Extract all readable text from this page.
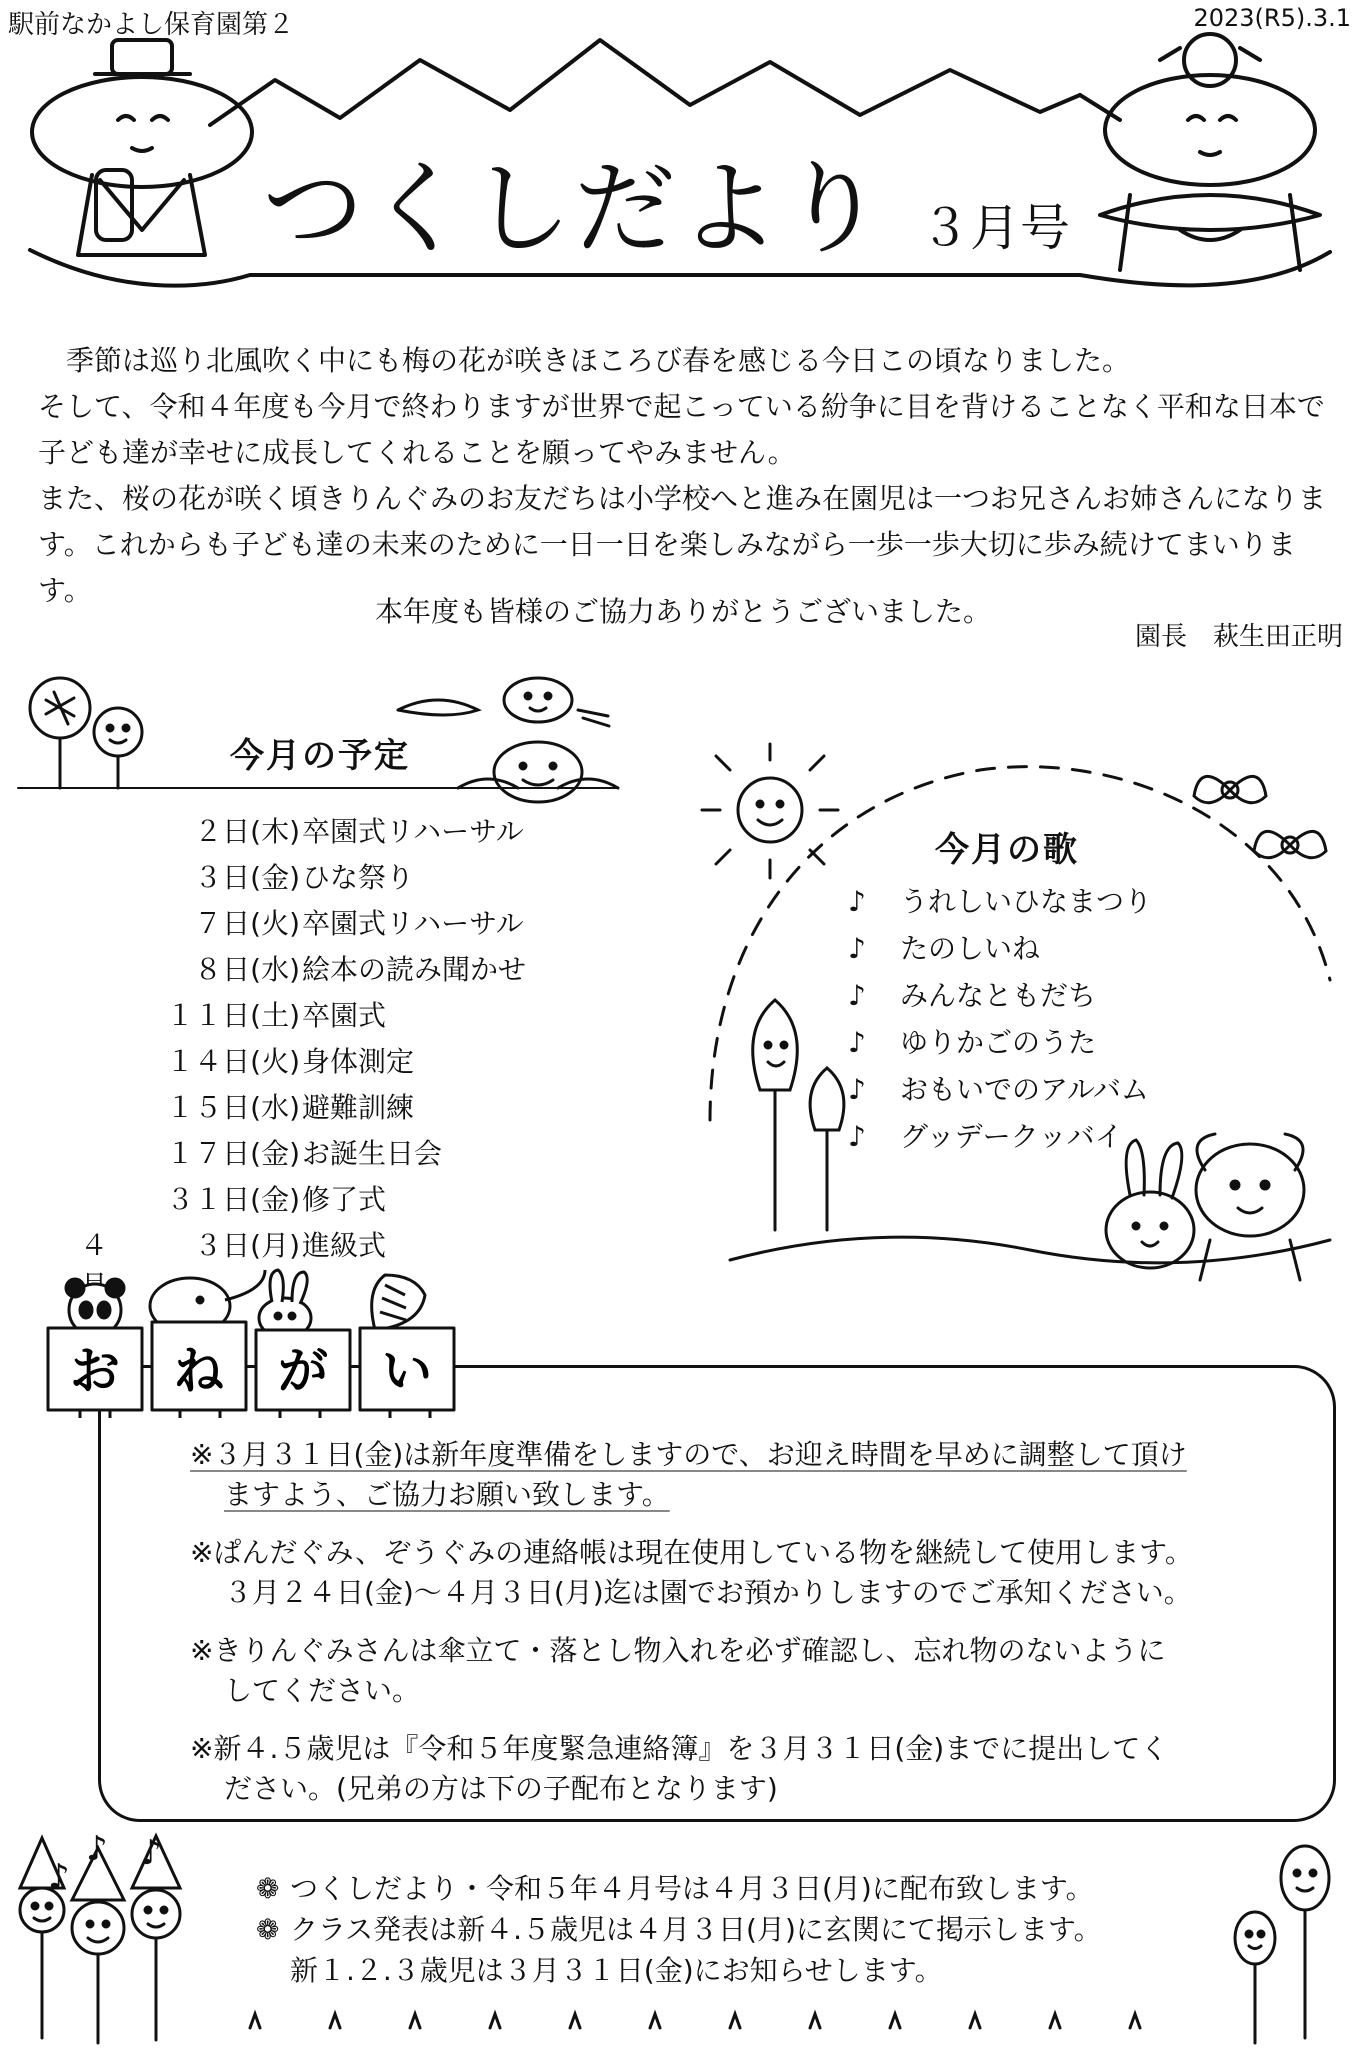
駅前なかよし保育園第２	2023(R5).3.1
つくしだより ３月号

　季節は巡り北風吹く中にも梅の花が咲きほころび春を感じる今日この頃なりました。

そして、令和４年度も今月で終わりますが世界で起こっている紛争に目を背けることなく平和な日本で子ども達が幸せに成長してくれることを願ってやみません。

また、桜の花が咲く頃きりんぐみのお友だちは小学校へと進み在園児は一つお兄さんお姉さんになります。これからも子ども達の未来のために一日一日を楽しみながら一歩一歩大切に歩み続けてまいります。

本年度も皆様のご協力ありがとうございました。
園長　萩生田正明
今月の予定
２日(木) 卒園式リハーサル
３日(金) ひな祭り
７日(火) 卒園式リハーサル
８日(水) 絵本の読み聞かせ
１１日(土) 卒園式
１４日(火) 身体測定
１５日(水) 避難訓練
１７日(金) お誕生日会
３１日(金) 修了式
４	３日(月) 進級式
今月の歌
♪ うれしいひなまつり
♪ たのしいね
♪ みんなともだち
♪ ゆりかごのうた
♪ おもいでのアルバム
♪ グッデークッバイ
お ね が い
※３月３１日(金)は新年度準備をしますので、お迎え時間を早めに調整して頂け
ますよう、ご協力お願い致します。
※ぱんだぐみ、ぞうぐみの連絡帳は現在使用している物を継続して使用します。
３月２４日(金)～４月３日(月)迄は園でお預かりしますのでご承知ください。
※きりんぐみさんは傘立て・落とし物入れを必ず確認し、忘れ物のないように
してください。
※新４.５歳児は『令和５年度緊急連絡簿』を３月３１日(金)までに提出してく
ださい。(兄弟の方は下の子配布となります)
♪
♪ ♪
❁ つくしだより・令和５年４月号は４月３日(月)に配布致します。
❁ クラス発表は新４.５歳児は４月３日(月)に玄関にて掲示します。
新１.２.３歳児は３月３１日(金)にお知らせします。
